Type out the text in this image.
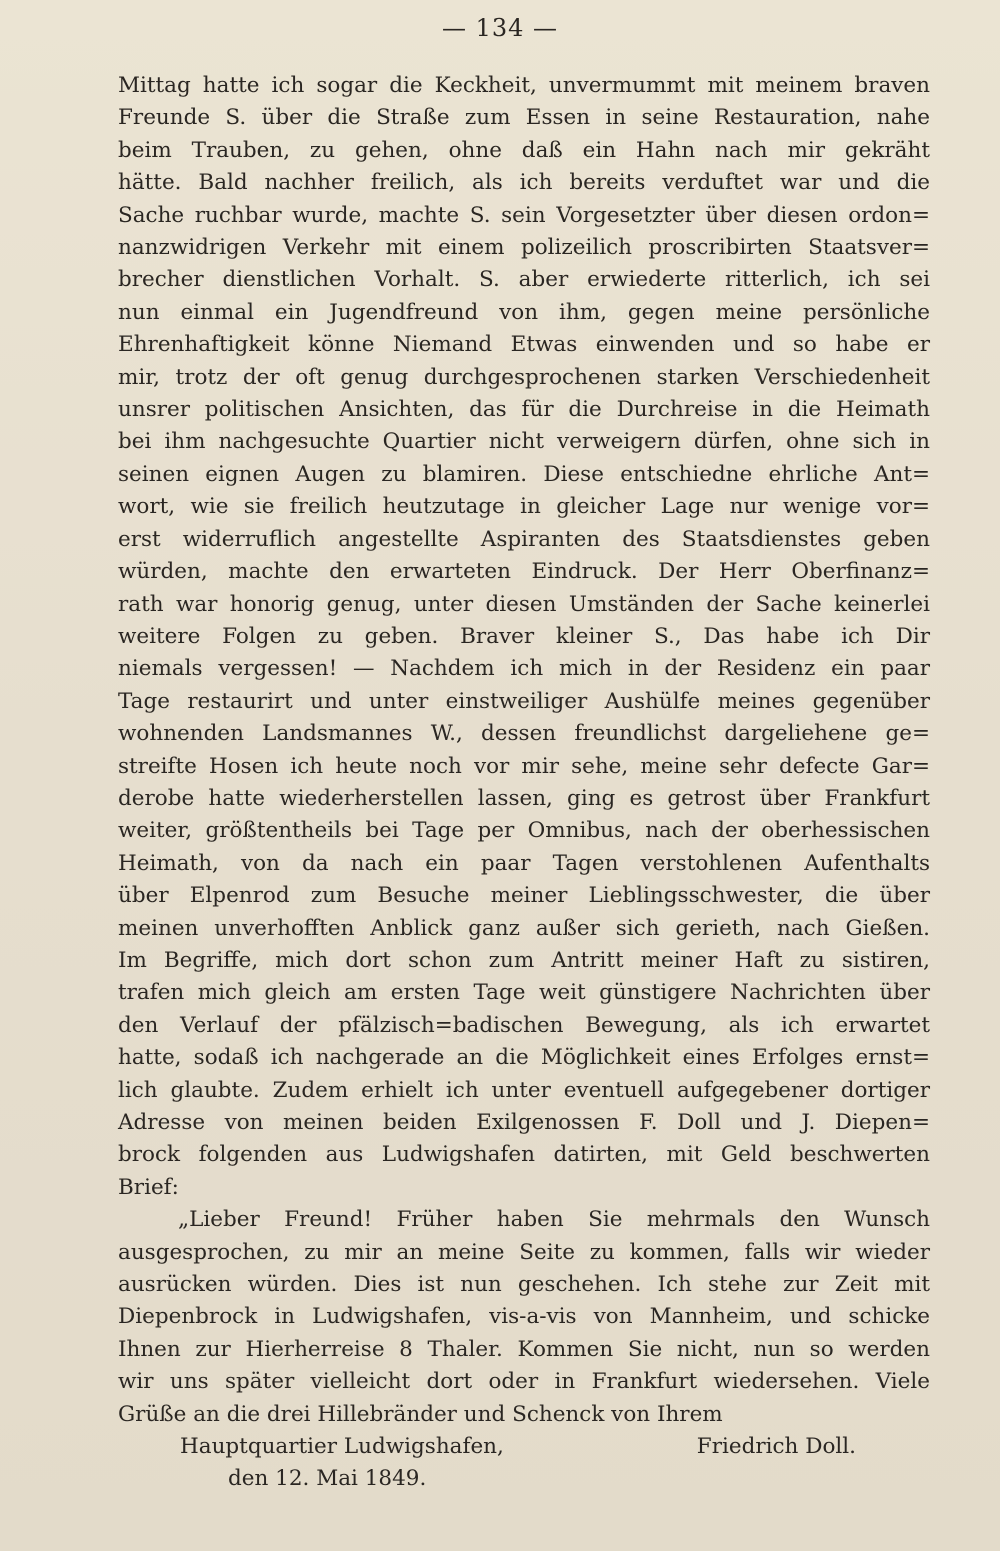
— 134 —
Mittag hatte ich sogar die Keckheit, unvermummt mit meinem braven
Freunde S. über die Straße zum Essen in seine Restauration, nahe
beim Trauben, zu gehen, ohne daß ein Hahn nach mir gekräht
hätte. Bald nachher freilich, als ich bereits verduftet war und die
Sache ruchbar wurde, machte S. sein Vorgesetzter über diesen ordon=
nanzwidrigen Verkehr mit einem polizeilich proscribirten Staatsver=
brecher dienstlichen Vorhalt. S. aber erwiederte ritterlich, ich sei
nun einmal ein Jugendfreund von ihm, gegen meine persönliche
Ehrenhaftigkeit könne Niemand Etwas einwenden und so habe er
mir, trotz der oft genug durchgesprochenen starken Verschiedenheit
unsrer politischen Ansichten, das für die Durchreise in die Heimath
bei ihm nachgesuchte Quartier nicht verweigern dürfen, ohne sich in
seinen eignen Augen zu blamiren. Diese entschiedne ehrliche Ant=
wort, wie sie freilich heutzutage in gleicher Lage nur wenige vor=
erst widerruflich angestellte Aspiranten des Staatsdienstes geben
würden, machte den erwarteten Eindruck. Der Herr Oberfinanz=
rath war honorig genug, unter diesen Umständen der Sache keinerlei
weitere Folgen zu geben. Braver kleiner S., Das habe ich Dir
niemals vergessen! — Nachdem ich mich in der Residenz ein paar
Tage restaurirt und unter einstweiliger Aushülfe meines gegenüber
wohnenden Landsmannes W., dessen freundlichst dargeliehene ge=
streifte Hosen ich heute noch vor mir sehe, meine sehr defecte Gar=
derobe hatte wiederherstellen lassen, ging es getrost über Frankfurt
weiter, größtentheils bei Tage per Omnibus, nach der oberhessischen
Heimath, von da nach ein paar Tagen verstohlenen Aufenthalts
über Elpenrod zum Besuche meiner Lieblingsschwester, die über
meinen unverhofften Anblick ganz außer sich gerieth, nach Gießen.
Im Begriffe, mich dort schon zum Antritt meiner Haft zu sistiren,
trafen mich gleich am ersten Tage weit günstigere Nachrichten über
den Verlauf der pfälzisch=badischen Bewegung, als ich erwartet
hatte, sodaß ich nachgerade an die Möglichkeit eines Erfolges ernst=
lich glaubte. Zudem erhielt ich unter eventuell aufgegebener dortiger
Adresse von meinen beiden Exilgenossen F. Doll und J. Diepen=
brock folgenden aus Ludwigshafen datirten, mit Geld beschwerten
Brief:
„Lieber Freund! Früher haben Sie mehrmals den Wunsch
ausgesprochen, zu mir an meine Seite zu kommen, falls wir wieder
ausrücken würden. Dies ist nun geschehen. Ich stehe zur Zeit mit
Diepenbrock in Ludwigshafen, vis-a-vis von Mannheim, und schicke
Ihnen zur Hierherreise 8 Thaler. Kommen Sie nicht, nun so werden
wir uns später vielleicht dort oder in Frankfurt wiedersehen. Viele
Grüße an die drei Hillebränder und Schenck von Ihrem
Hauptquartier Ludwigshafen,	Friedrich Doll.
den 12. Mai 1849.
